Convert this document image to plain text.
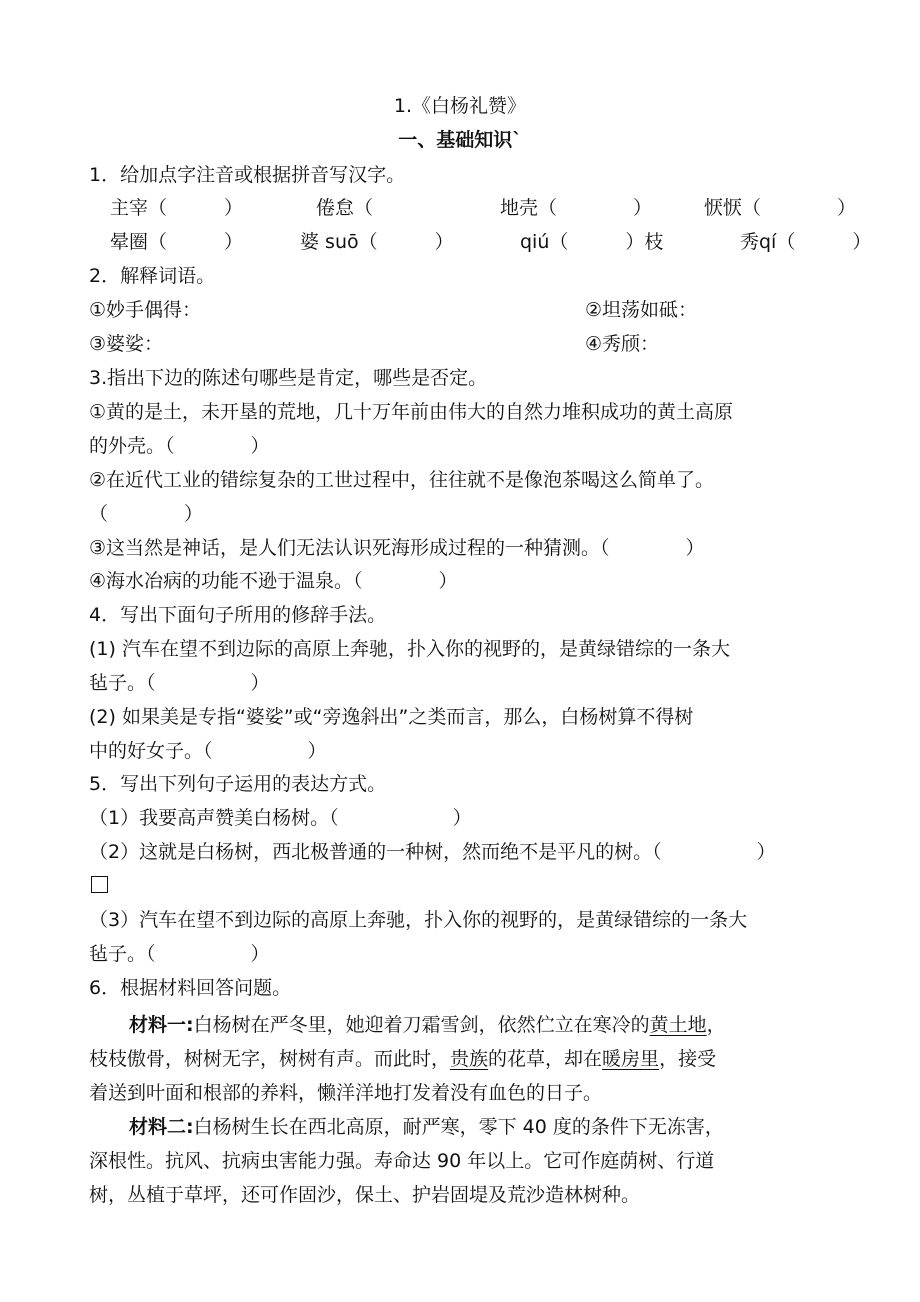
1.《白杨礼赞》
一、基础知识`
1．给加点字注音或根据拼音写汉字。
主宰（　　　）	倦怠（	地壳（　　　　）	恹恹（　　　　）
晕圈（　　　）	婆 suō（　　　）	qiú（　　　）枝	秀qí（　　　）
2．解释词语。
①妙手偶得：	②坦荡如砥：
③婆娑：	④秀颀：
3.指出下边的陈述句哪些是肯定，哪些是否定。
①黄的是土，未开垦的荒地，几十万年前由伟大的自然力堆积成功的黄土高原
的外壳。（　　　　）
②在近代工业的错综复杂的工世过程中，往往就不是像泡茶喝这么简单了。
（　　　　）
③这当然是神话，是人们无法认识死海形成过程的一种猜测。（　　　　）
④海水冶病的功能不逊于温泉。（　　　　）
4．写出下面句子所用的修辞手法。
(1) 汽车在望不到边际的高原上奔驰，扑入你的视野的，是黄绿错综的一条大
毡子。（　　　　　）
(2) 如果美是专指“婆娑”或“旁逸斜出”之类而言，那么，白杨树算不得树
中的好女子。（　　　　　）
5．写出下列句子运用的表达方式。
（1）我要高声赞美白杨树。（　　　　　　）
（2）这就是白杨树，西北极普通的一种树，然而绝不是平凡的树。（　　　　　）
（3）汽车在望不到边际的高原上奔驰，扑入你的视野的，是黄绿错综的一条大
毡子。（　　　　　）
6．根据材料回答问题。
材料一:白杨树在严冬里，她迎着刀霜雪剑，依然伫立在寒冷的黄土地，
枝枝傲骨，树树无字，树树有声。而此时，贵族的花草，却在暖房里，接受
着送到叶面和根部的养料，懒洋洋地打发着没有血色的日子。
材料二:白杨树生长在西北高原，耐严寒，零下 40 度的条件下无冻害，
深根性。抗风、抗病虫害能力强。寿命达 90 年以上。它可作庭荫树、行道
树，丛植于草坪，还可作固沙，保土、护岩固堤及荒沙造林树种。
